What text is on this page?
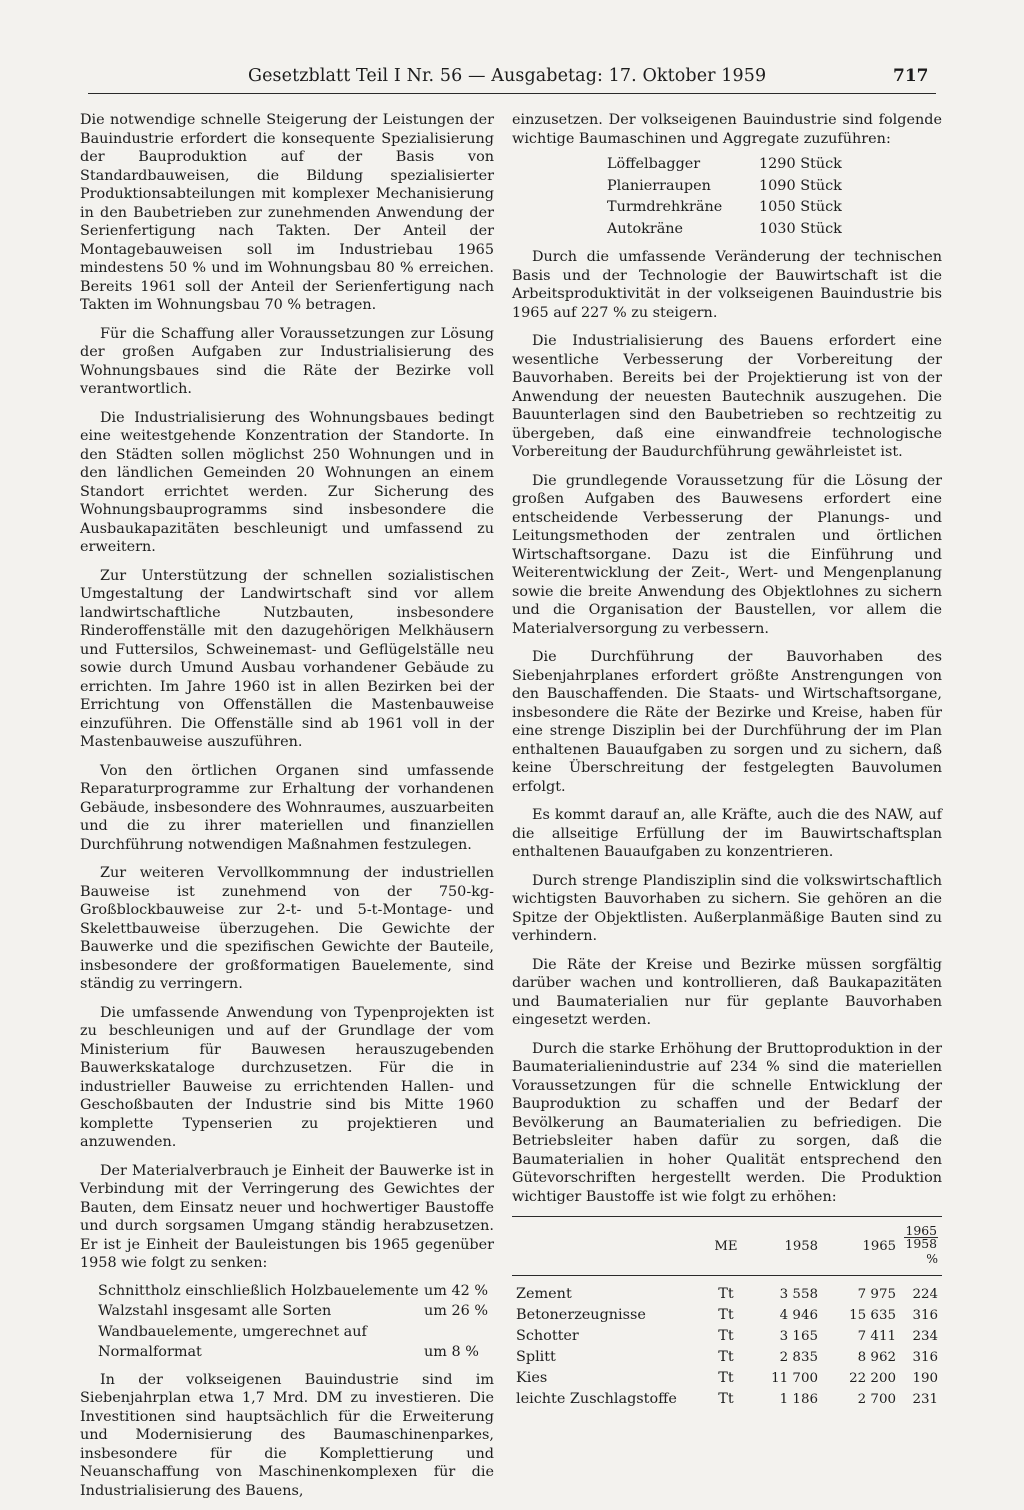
Gesetzblatt Teil I Nr. 56 — Ausgabetag: 17. Oktober 1959	717

Die notwendige schnelle Steigerung der Leistungen der Bauindustrie erfordert die konsequente Spezialisierung der Bauproduktion auf der Basis von Standardbauweisen, die Bildung spezialisierter Produktionsabteilungen mit komplexer Mechanisierung in den Baubetrieben zur zunehmenden Anwendung der Serienfertigung nach Takten. Der Anteil der Montagebauweisen soll im Industriebau 1965 mindestens 50 % und im Wohnungsbau 80 % erreichen. Bereits 1961 soll der Anteil der Serienfertigung nach Takten im Wohnungsbau 70 % betragen.

Für die Schaffung aller Voraussetzungen zur Lösung der großen Aufgaben zur Industrialisierung des Wohnungsbaues sind die Räte der Bezirke voll verantwortlich.

Die Industrialisierung des Wohnungsbaues bedingt eine weitestgehende Konzentration der Standorte. In den Städten sollen möglichst 250 Wohnungen und in den ländlichen Gemeinden 20 Wohnungen an einem Standort errichtet werden. Zur Sicherung des Wohnungsbauprogramms sind insbesondere die Ausbaukapazitäten beschleunigt und umfassend zu erweitern.

Zur Unterstützung der schnellen sozialistischen Umgestaltung der Landwirtschaft sind vor allem landwirtschaftliche Nutzbauten, insbesondere Rinderoffenställe mit den dazugehörigen Melkhäusern und Futtersilos, Schweinemast- und Geflügelställe neu sowie durch Umund Ausbau vorhandener Gebäude zu errichten. Im Jahre 1960 ist in allen Bezirken bei der Errichtung von Offenställen die Mastenbauweise einzuführen. Die Offenställe sind ab 1961 voll in der Mastenbauweise auszuführen.

Von den örtlichen Organen sind umfassende Reparaturprogramme zur Erhaltung der vorhandenen Gebäude, insbesondere des Wohnraumes, auszuarbeiten und die zu ihrer materiellen und finanziellen Durchführung notwendigen Maßnahmen festzulegen.

Zur weiteren Vervollkommnung der industriellen Bauweise ist zunehmend von der 750-kg-Großblockbauweise zur 2-t- und 5-t-Montage- und Skelettbauweise überzugehen. Die Gewichte der Bauwerke und die spezifischen Gewichte der Bauteile, insbesondere der großformatigen Bauelemente, sind ständig zu verringern.

Die umfassende Anwendung von Typenprojekten ist zu beschleunigen und auf der Grundlage der vom Ministerium für Bauwesen herauszugebenden Bauwerkskataloge durchzusetzen. Für die in industrieller Bauweise zu errichtenden Hallen- und Geschoßbauten der Industrie sind bis Mitte 1960 komplette Typenserien zu projektieren und anzuwenden.

Der Materialverbrauch je Einheit der Bauwerke ist in Verbindung mit der Verringerung des Gewichtes der Bauten, dem Einsatz neuer und hochwertiger Baustoffe und durch sorgsamen Umgang ständig herabzusetzen. Er ist je Einheit der Bauleistungen bis 1965 gegenüber 1958 wie folgt zu senken:

Schnittholz einschließlich Holzbauelemente um 42 %
Walzstahl insgesamt alle Sorten	um 26 %
Wandbauelemente, umgerechnet auf
Normalformat	um 8 %

In der volkseigenen Bauindustrie sind im Siebenjahrplan etwa 1,7 Mrd. DM zu investieren. Die Investitionen sind hauptsächlich für die Erweiterung und Modernisierung des Baumaschinenparkes, insbesondere für die Komplettierung und Neuanschaffung von Maschinenkomplexen für die Industrialisierung des Bauens,

einzusetzen. Der volkseigenen Bauindustrie sind folgende wichtige Baumaschinen und Aggregate zuzuführen:

Löffelbagger	1290 Stück
Planierraupen	1090 Stück
Turmdrehkräne	1050 Stück
Autokräne	1030 Stück

Durch die umfassende Veränderung der technischen Basis und der Technologie der Bauwirtschaft ist die Arbeitsproduktivität in der volkseigenen Bauindustrie bis 1965 auf 227 % zu steigern.

Die Industrialisierung des Bauens erfordert eine wesentliche Verbesserung der Vorbereitung der Bauvorhaben. Bereits bei der Projektierung ist von der Anwendung der neuesten Bautechnik auszugehen. Die Bauunterlagen sind den Baubetrieben so rechtzeitig zu übergeben, daß eine einwandfreie technologische Vorbereitung der Baudurchführung gewährleistet ist.

Die grundlegende Voraussetzung für die Lösung der großen Aufgaben des Bauwesens erfordert eine entscheidende Verbesserung der Planungs- und Leitungsmethoden der zentralen und örtlichen Wirtschaftsorgane. Dazu ist die Einführung und Weiterentwicklung der Zeit-, Wert- und Mengenplanung sowie die breite Anwendung des Objektlohnes zu sichern und die Organisation der Baustellen, vor allem die Materialversorgung zu verbessern.

Die Durchführung der Bauvorhaben des Siebenjahrplanes erfordert größte Anstrengungen von den Bauschaffenden. Die Staats- und Wirtschaftsorgane, insbesondere die Räte der Bezirke und Kreise, haben für eine strenge Disziplin bei der Durchführung der im Plan enthaltenen Bauaufgaben zu sorgen und zu sichern, daß keine Überschreitung der festgelegten Bauvolumen erfolgt.

Es kommt darauf an, alle Kräfte, auch die des NAW, auf die allseitige Erfüllung der im Bauwirtschaftsplan enthaltenen Bauaufgaben zu konzentrieren.

Durch strenge Plandisziplin sind die volkswirtschaftlich wichtigsten Bauvorhaben zu sichern. Sie gehören an die Spitze der Objektlisten. Außerplanmäßige Bauten sind zu verhindern.

Die Räte der Kreise und Bezirke müssen sorgfältig darüber wachen und kontrollieren, daß Baukapazitäten und Baumaterialien nur für geplante Bauvorhaben eingesetzt werden.

Durch die starke Erhöhung der Bruttoproduktion in der Baumaterialienindustrie auf 234 % sind die materiellen Voraussetzungen für die schnelle Entwicklung der Bauproduktion zu schaffen und der Bedarf der Bevölkerung an Baumaterialien zu befriedigen. Die Betriebsleiter haben dafür zu sorgen, daß die Baumaterialien in hoher Qualität entsprechend den Gütevorschriften hergestellt werden. Die Produktion wichtiger Baustoffe ist wie folgt zu erhöhen:

	ME	1958	1965	$\frac{1965}{1958}$
%
Zement	Tt	3 558	7 975	224
Betonerzeugnisse	Tt	4 946	15 635	316
Schotter	Tt	3 165	7 411	234
Splitt	Tt	2 835	8 962	316
Kies	Tt	11 700	22 200	190
leichte Zuschlagstoffe	Tt	1 186	2 700	231
